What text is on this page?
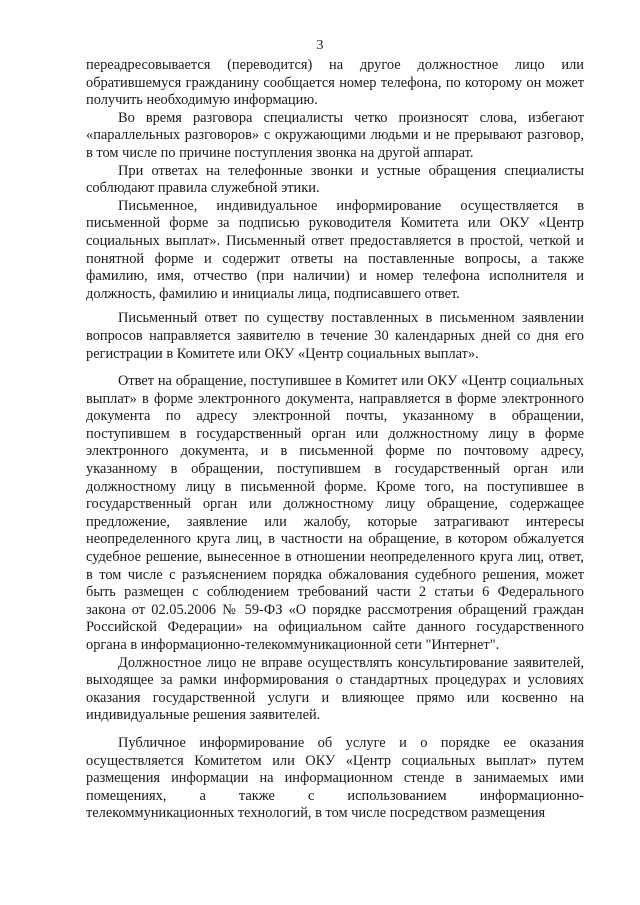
3

переадресовывается (переводится) на другое должностное лицо или обратившемуся гражданину сообщается номер телефона, по которому он может получить необходимую информацию.

Во время разговора специалисты четко произносят слова, избегают «параллельных разговоров» с окружающими людьми и не прерывают разговор, в том числе по причине поступления звонка на другой аппарат.

При ответах на телефонные звонки и устные обращения специалисты соблюдают правила служебной этики.

Письменное, индивидуальное информирование осуществляется в письменной форме за подписью руководителя Комитета или ОКУ «Центр социальных выплат». Письменный ответ предоставляется в простой, четкой и понятной форме и содержит ответы на поставленные вопросы, а также фамилию, имя, отчество (при наличии) и номер телефона исполнителя и должность, фамилию и инициалы лица, подписавшего ответ.

Письменный ответ по существу поставленных в письменном заявлении вопросов направляется заявителю в течение 30 календарных дней со дня его регистрации в Комитете или ОКУ «Центр социальных выплат».

Ответ на обращение, поступившее в Комитет или ОКУ «Центр социальных выплат» в форме электронного документа, направляется в форме электронного документа по адресу электронной почты, указанному в обращении, поступившем в государственный орган или должностному лицу в форме электронного документа, и в письменной форме по почтовому адресу, указанному в обращении, поступившем в государственный орган или должностному лицу в письменной форме. Кроме того, на поступившее в государственный орган или должностному лицу обращение, содержащее предложение, заявление или жалобу, которые затрагивают интересы неопределенного круга лиц, в частности на обращение, в котором обжалуется судебное решение, вынесенное в отношении неопределенного круга лиц, ответ, в том числе с разъяснением порядка обжалования судебного решения, может быть размещен с соблюдением требований части 2 статьи 6 Федерального закона от 02.05.2006 № 59-ФЗ «О порядке рассмотрения обращений граждан Российской Федерации» на официальном сайте данного государственного органа в информационно-телекоммуникационной сети "Интернет".

Должностное лицо не вправе осуществлять консультирование заявителей, выходящее за рамки информирования о стандартных процедурах и условиях оказания государственной услуги и влияющее прямо или косвенно на индивидуальные решения заявителей.

Публичное информирование об услуге и о порядке ее оказания осуществляется Комитетом или ОКУ «Центр социальных выплат» путем размещения информации на информационном стенде в занимаемых ими помещениях, а также с использованием информационно-телекоммуникационных технологий, в том числе посредством размещения
